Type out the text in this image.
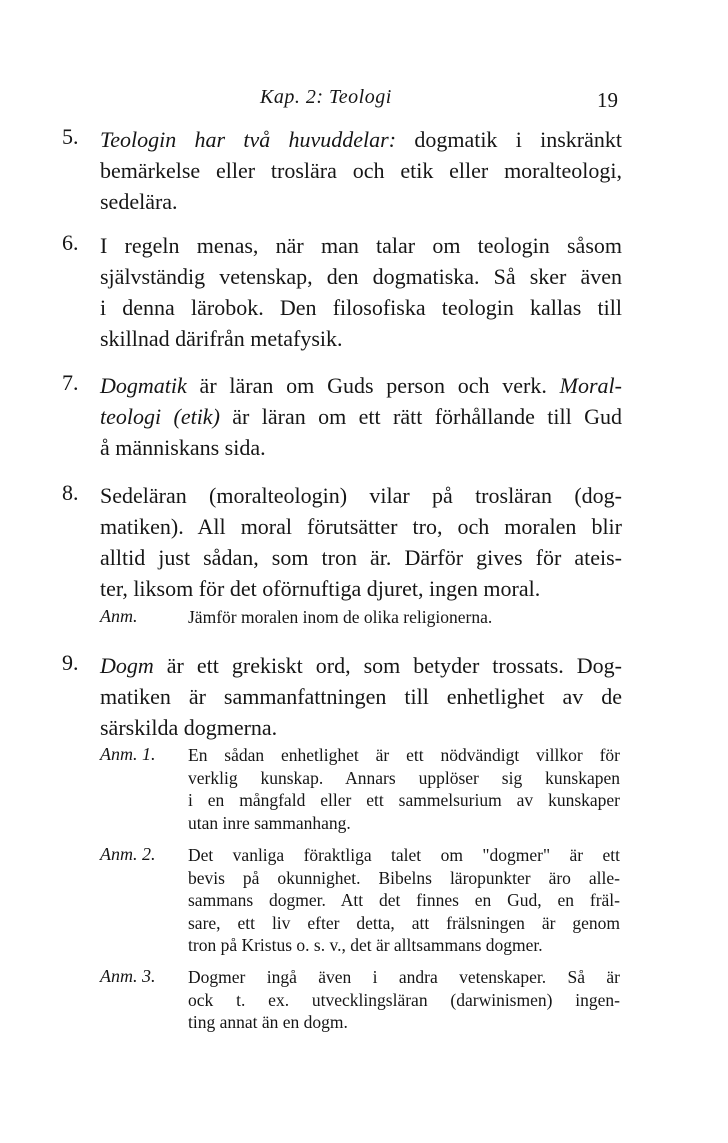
Kap. 2: Teologi	19
5. Teologin har två huvuddelar: dogmatik i inskränkt
bemärkelse eller troslära och etik eller moralteologi,
sedelära.
6. I regeln menas, när man talar om teologin såsom
självständig vetenskap, den dogmatiska. Så sker även
i denna lärobok. Den filosofiska teologin kallas till
skillnad därifrån metafysik.
7. Dogmatik är läran om Guds person och verk. Moral-
teologi (etik) är läran om ett rätt förhållande till Gud
å människans sida.
8. Sedeläran (moralteologin) vilar på trosläran (dog-
matiken). All moral förutsätter tro, och moralen blir
alltid just sådan, som tron är. Därför gives för ateis-
ter, liksom för det oförnuftiga djuret, ingen moral.
Anm.	Jämför moralen inom de olika religionerna.
9. Dogm är ett grekiskt ord, som betyder trossats. Dog-
matiken är sammanfattningen till enhetlighet av de
särskilda dogmerna.
Anm. 1. En sådan enhetlighet är ett nödvändigt villkor för
verklig kunskap. Annars upplöser sig kunskapen
i en mångfald eller ett sammelsurium av kunskaper
utan inre sammanhang.
Anm. 2. Det vanliga föraktliga talet om "dogmer" är ett
bevis på okunnighet. Bibelns läropunkter äro alle-
sammans dogmer. Att det finnes en Gud, en fräl-
sare, ett liv efter detta, att frälsningen är genom
tron på Kristus o. s. v., det är alltsammans dogmer.
Anm. 3. Dogmer ingå även i andra vetenskaper. Så är
ock t. ex. utvecklingsläran (darwinismen) ingen-
ting annat än en dogm.
